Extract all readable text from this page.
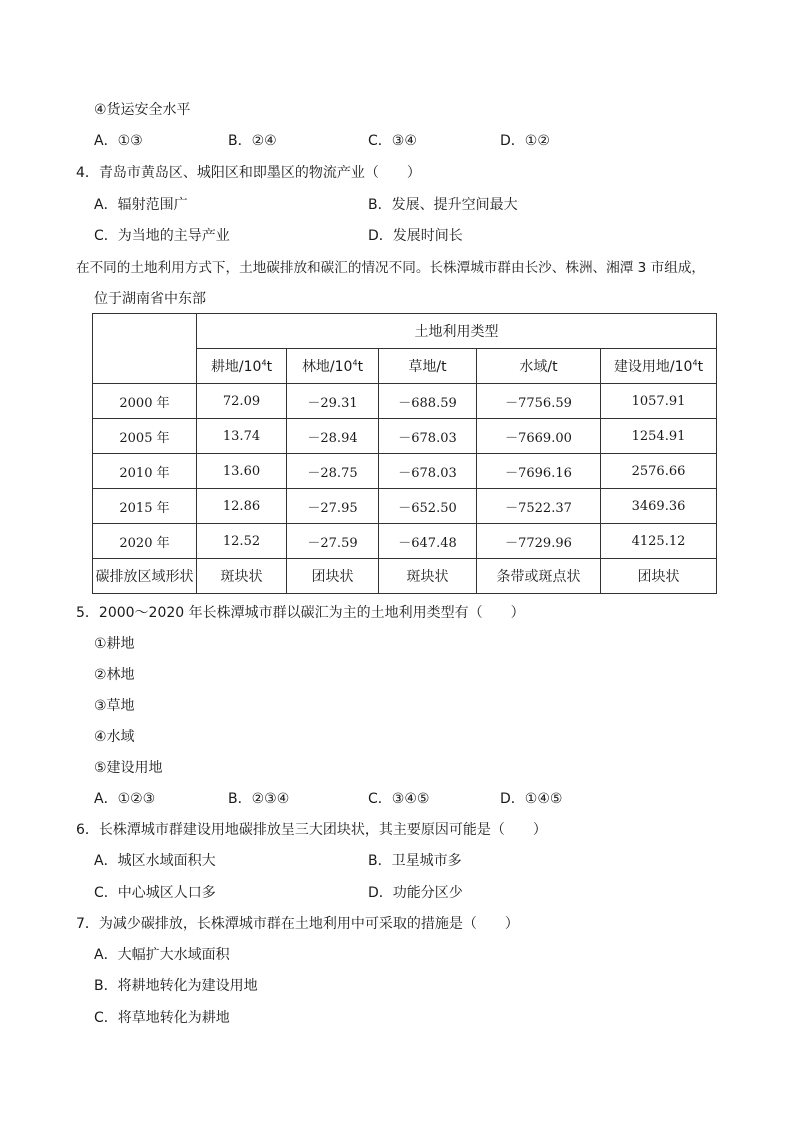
④货运安全水平
A．①③	B．②④	C．③④	D．①②
4．青岛市黄岛区、城阳区和即墨区的物流产业（　　）
A．辐射范围广	B．发展、提升空间最大
C．为当地的主导产业	D．发展时间长
在不同的土地利用方式下，土地碳排放和碳汇的情况不同。长株潭城市群由长沙、株洲、湘潭 3 市组成，
位于湖南省中东部
	土地利用类型				
	耕地$/10^4t$	林地$/10^4t$	草地/t	水域/t	建设用地$/10^4t$
2000 年	72.09	－29.31	－688.59	－7756.59	1057.91
2005 年	13.74	－28.94	－678.03	－7669.00	1254.91
2010 年	13.60	－28.75	－678.03	－7696.16	2576.66
2015 年	12.86	－27.95	－652.50	－7522.37	3469.36
2020 年	12.52	－27.59	－647.48	－7729.96	4125.12
碳排放区域形状	斑块状	团块状	斑块状	条带或斑点状	团块状
5．2000～2020 年长株潭城市群以碳汇为主的土地利用类型有（　　）
①耕地
②林地
③草地
④水域
⑤建设用地
A．①②③	B．②③④	C．③④⑤	D．①④⑤
6．长株潭城市群建设用地碳排放呈三大团块状，其主要原因可能是（　　）
A．城区水域面积大	B．卫星城市多
C．中心城区人口多	D．功能分区少
7．为减少碳排放，长株潭城市群在土地利用中可采取的措施是（　　）
A．大幅扩大水域面积
B．将耕地转化为建设用地
C．将草地转化为耕地
